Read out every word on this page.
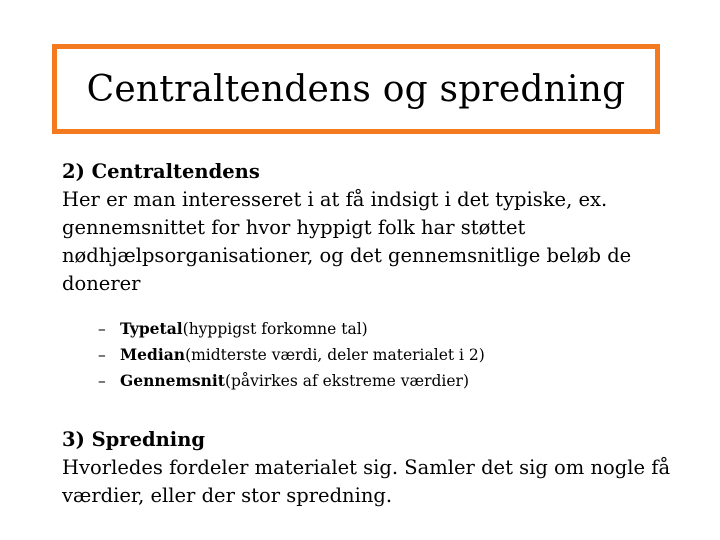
Centraltendens og spredning
2) Centraltendens
Her er man interesseret i at få indsigt i det typiske, ex. gennemsnittet for hvor hyppigt folk har støttet nødhjælpsorganisationer, og det gennemsnitlige beløb de donerer
– Typetal (hyppigst forkomne tal)
– Median (midterste værdi, deler materialet i 2)
– Gennemsnit (påvirkes af ekstreme værdier)
3) Spredning
Hvorledes fordeler materialet sig. Samler det sig om nogle få værdier, eller der stor spredning.
